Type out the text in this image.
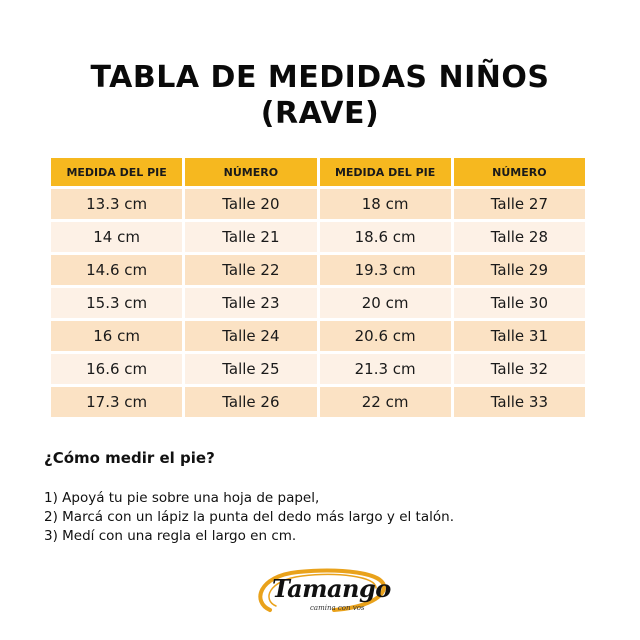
TABLA DE MEDIDAS NIÑOS
(RAVE)
MEDIDA DEL PIE	NÚMERO	MEDIDA DEL PIE	NÚMERO
13.3 cm	Talle 20	18 cm	Talle 27
14 cm	Talle 21	18.6 cm	Talle 28
14.6 cm	Talle 22	19.3 cm	Talle 29
15.3 cm	Talle 23	20 cm	Talle 30
16 cm	Talle 24	20.6 cm	Talle 31
16.6 cm	Talle 25	21.3 cm	Talle 32
17.3 cm	Talle 26	22 cm	Talle 33
¿Cómo medir el pie?
1) Apoyá tu pie sobre una hoja de papel,
2) Marcá con un lápiz la punta del dedo más largo y el talón.
3) Medí con una regla el largo en cm.
Tamango
camina con vos
